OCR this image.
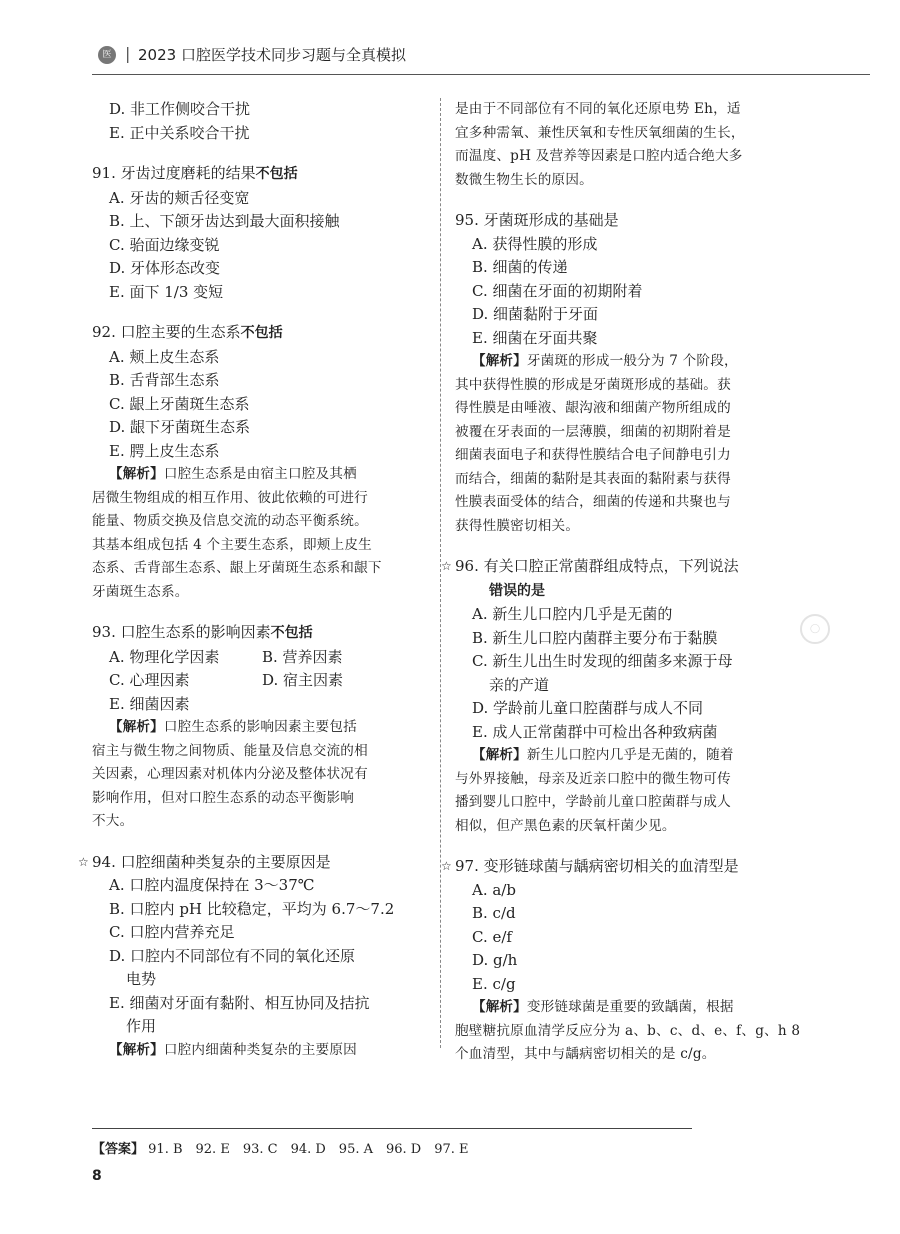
医 | 2023 口腔医学技术同步习题与全真模拟
◯
D. 非工作侧咬合干扰
E. 正中关系咬合干扰
91. 牙齿过度磨耗的结果不包括
A. 牙齿的颊舌径变宽
B. 上、下颌牙齿达到最大面积接触
C. 骀面边缘变锐
D. 牙体形态改变
E. 面下 1/3 变短
92. 口腔主要的生态系不包括
A. 颊上皮生态系
B. 舌背部生态系
C. 龈上牙菌斑生态系
D. 龈下牙菌斑生态系
E. 腭上皮生态系
【解析】口腔生态系是由宿主口腔及其栖
居微生物组成的相互作用、彼此依赖的可进行
能量、物质交换及信息交流的动态平衡系统。
其基本组成包括 4 个主要生态系，即颊上皮生
态系、舌背部生态系、龈上牙菌斑生态系和龈下
牙菌斑生态系。
93. 口腔生态系的影响因素不包括
A. 物理化学因素	B. 营养因素
C. 心理因素	D. 宿主因素
E. 细菌因素
【解析】口腔生态系的影响因素主要包括
宿主与微生物之间物质、能量及信息交流的相
关因素，心理因素对机体内分泌及整体状况有
影响作用，但对口腔生态系的动态平衡影响
不大。
☆ 94. 口腔细菌种类复杂的主要原因是
A. 口腔内温度保持在 3～37℃
B. 口腔内 pH 比较稳定，平均为 6.7～7.2
C. 口腔内营养充足
D. 口腔内不同部位有不同的氧化还原
电势
E. 细菌对牙面有黏附、相互协同及拮抗
作用
【解析】口腔内细菌种类复杂的主要原因
是由于不同部位有不同的氧化还原电势 Eh，适
宜多种需氧、兼性厌氧和专性厌氧细菌的生长，
而温度、pH 及营养等因素是口腔内适合绝大多
数微生物生长的原因。
95. 牙菌斑形成的基础是
A. 获得性膜的形成
B. 细菌的传递
C. 细菌在牙面的初期附着
D. 细菌黏附于牙面
E. 细菌在牙面共聚
【解析】牙菌斑的形成一般分为 7 个阶段，
其中获得性膜的形成是牙菌斑形成的基础。获
得性膜是由唾液、龈沟液和细菌产物所组成的
被覆在牙表面的一层薄膜，细菌的初期附着是
细菌表面电子和获得性膜结合电子间静电引力
而结合，细菌的黏附是其表面的黏附素与获得
性膜表面受体的结合，细菌的传递和共聚也与
获得性膜密切相关。
☆ 96. 有关口腔正常菌群组成特点，下列说法
错误的是
A. 新生儿口腔内几乎是无菌的
B. 新生儿口腔内菌群主要分布于黏膜
C. 新生儿出生时发现的细菌多来源于母
亲的产道
D. 学龄前儿童口腔菌群与成人不同
E. 成人正常菌群中可检出各种致病菌
【解析】新生儿口腔内几乎是无菌的，随着
与外界接触，母亲及近亲口腔中的微生物可传
播到婴儿口腔中，学龄前儿童口腔菌群与成人
相似，但产黑色素的厌氧杆菌少见。
☆ 97. 变形链球菌与龋病密切相关的血清型是
A. a/b
B. c/d
C. e/f
D. g/h
E. c/g
【解析】变形链球菌是重要的致龋菌，根据
胞壁糖抗原血清学反应分为 a、b、c、d、e、f、g、h 8
个血清型，其中与龋病密切相关的是 c/g。
【答案】 91. B　92. E　93. C　94. D　95. A　96. D　97. E
8
